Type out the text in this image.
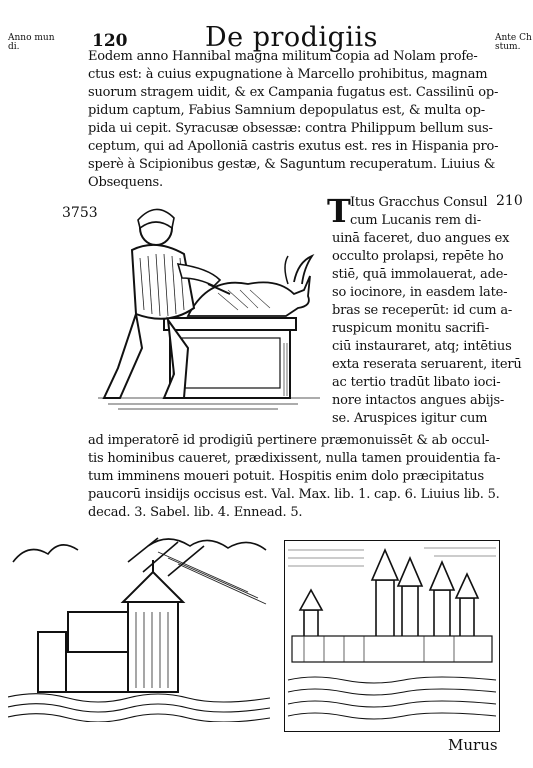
Anno mun
di.	120	De prodigiis	Ante Ch
stum.
Eodem anno Hannibal magna militum copia ad Nolam profe-
ctus est: à cuius expugnatione à Marcello prohibitus, magnam
suorum stragem uidit, & ex Campania fugatus est. Cassilinū op-
pidum captum, Fabius Samnium depopulatus est, & multa op-
pida ui cepit. Syracusæ obsessæ: contra Philippum bellum sus-
ceptum, qui ad Apolloniā castris exutus est. res in Hispania pro-
sperè à Scipionibus gestæ, & Saguntum recuperatum. Liuius &
Obsequens.
3753
210
T Itus Gracchus Consul
cum Lucanis rem di-
uinā faceret, duo angues ex
occulto prolapsi, repēte ho
stiē, quā immolauerat, ade-
so iocinore, in easdem late-
bras se receperūt: id cum a-
ruspicum monitu sacrifi-
ciū instauraret, atq; intētius
exta reserata seruarent, iterū
ac tertio tradūt libato ioci-
nore intactos angues abijs-
se. Aruspices igitur cum
ad imperatorē id prodigiū pertinere præmonuissēt & ab occul-
tis hominibus caueret, prædixissent, nulla tamen prouidentia fa-
tum imminens moueri potuit. Hospitis enim dolo præcipitatus
paucorū insidijs occisus est. Val. Max. lib. 1. cap. 6. Liuius lib. 5.
decad. 3. Sabel. lib. 4. Ennead. 5.
Murus
